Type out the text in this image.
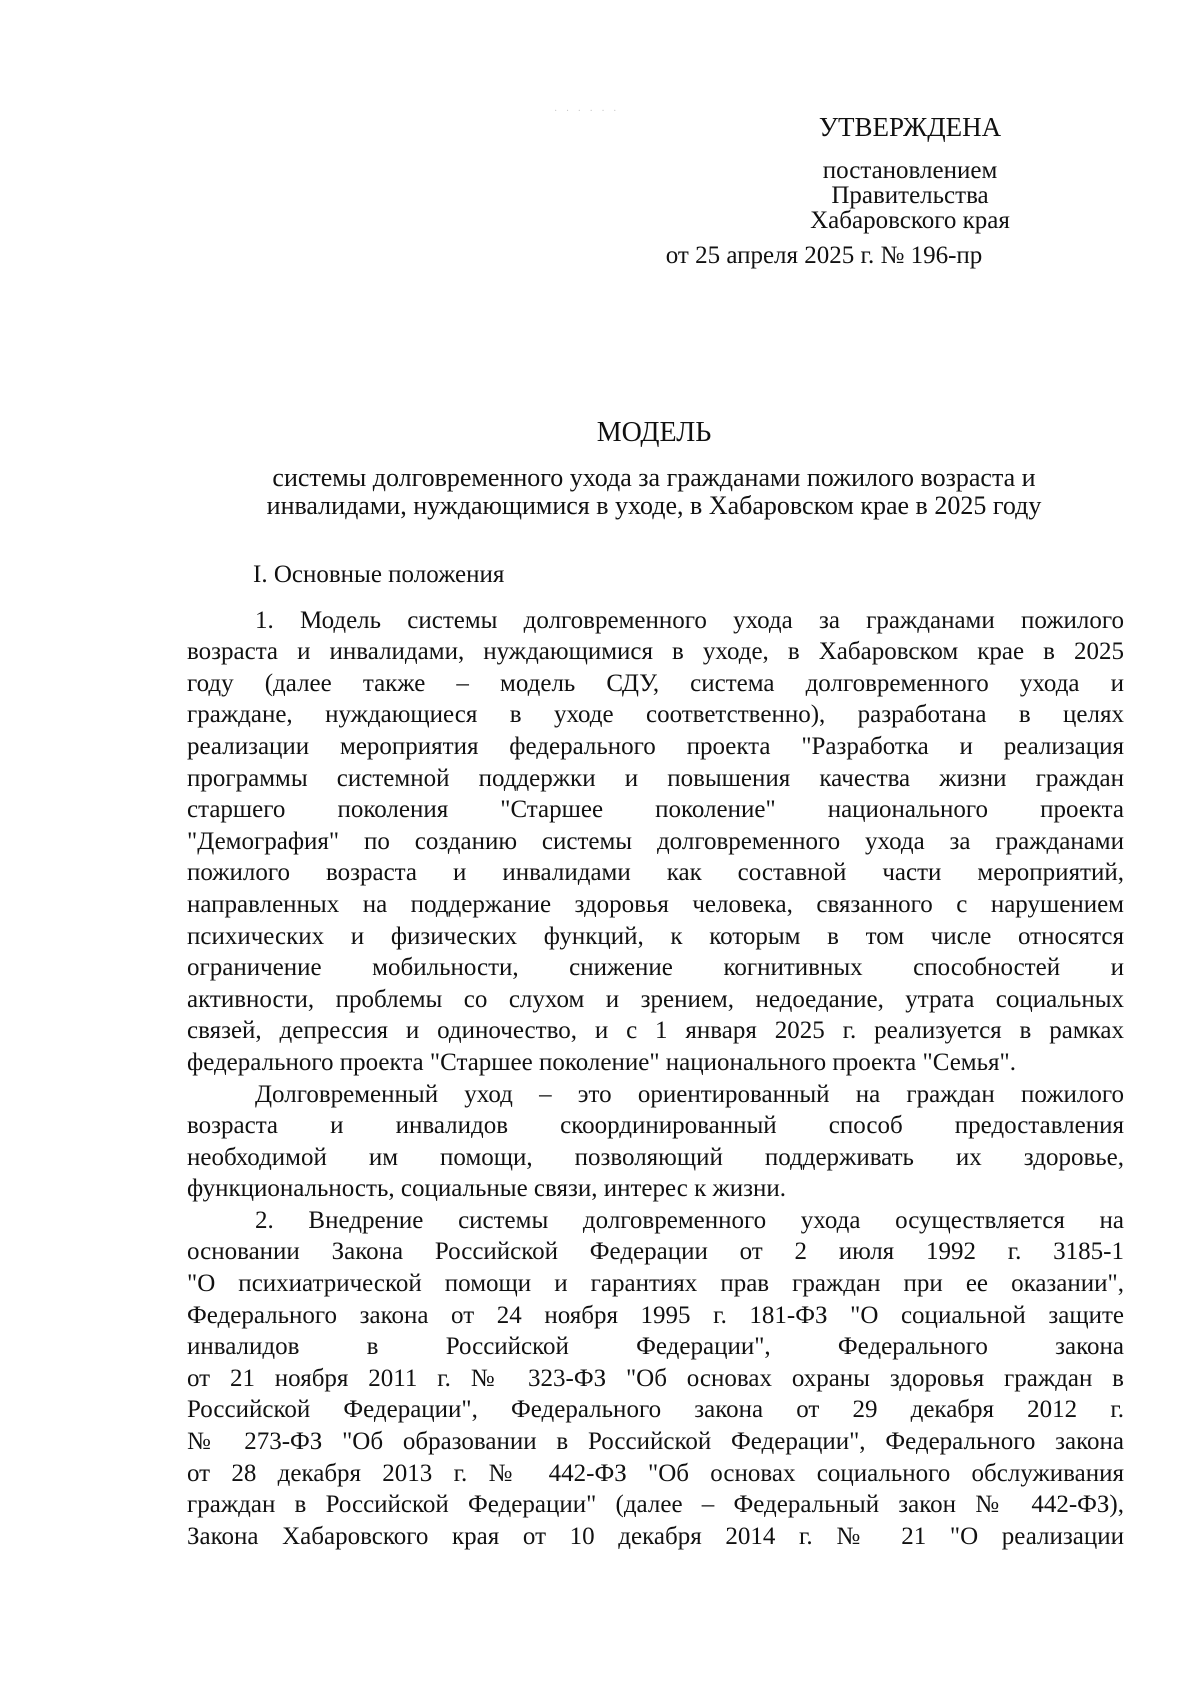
· · · · · ·
УТВЕРЖДЕНА
постановлением
Правительства
Хабаровского края
от 25 апреля 2025 г. № 196-пр
МОДЕЛЬ
системы долговременного ухода за гражданами пожилого возраста и
инвалидами, нуждающимися в уходе, в Хабаровском крае в 2025 году
I. Основные положения
1. Модель системы долговременного ухода за гражданами пожилого
возраста и инвалидами, нуждающимися в уходе, в Хабаровском крае в 2025
году (далее также – модель СДУ, система долговременного ухода и
граждане, нуждающиеся в уходе соответственно), разработана в целях
реализации мероприятия федерального проекта "Разработка и реализация
программы системной поддержки и повышения качества жизни граждан
старшего поколения "Старшее поколение" национального проекта
"Демография" по созданию системы долговременного ухода за гражданами
пожилого возраста и инвалидами как составной части мероприятий,
направленных на поддержание здоровья человека, связанного с нарушением
психических и физических функций, к которым в том числе относятся
ограничение мобильности, снижение когнитивных способностей и
активности, проблемы со слухом и зрением, недоедание, утрата социальных
связей, депрессия и одиночество, и с 1 января 2025 г. реализуется в рамках
федерального проекта "Старшее поколение" национального проекта "Семья".
Долговременный уход – это ориентированный на граждан пожилого
возраста и инвалидов скоординированный способ предоставления
необходимой им помощи, позволяющий поддерживать их здоровье,
функциональность, социальные связи, интерес к жизни.
2. Внедрение системы долговременного ухода осуществляется на
основании Закона Российской Федерации от 2 июля 1992 г. 3185-1
"О психиатрической помощи и гарантиях прав граждан при ее оказании",
Федерального закона от 24 ноября 1995 г. 181-ФЗ "О социальной защите
инвалидов в Российской Федерации", Федерального закона
от 21 ноября 2011 г. № 323-ФЗ "Об основах охраны здоровья граждан в
Российской Федерации", Федерального закона от 29 декабря 2012 г.
№ 273-ФЗ "Об образовании в Российской Федерации", Федерального закона
от 28 декабря 2013 г. № 442-ФЗ "Об основах социального обслуживания
граждан в Российской Федерации" (далее – Федеральный закон № 442-ФЗ),
Закона Хабаровского края от 10 декабря 2014 г. № 21 "О реализации
